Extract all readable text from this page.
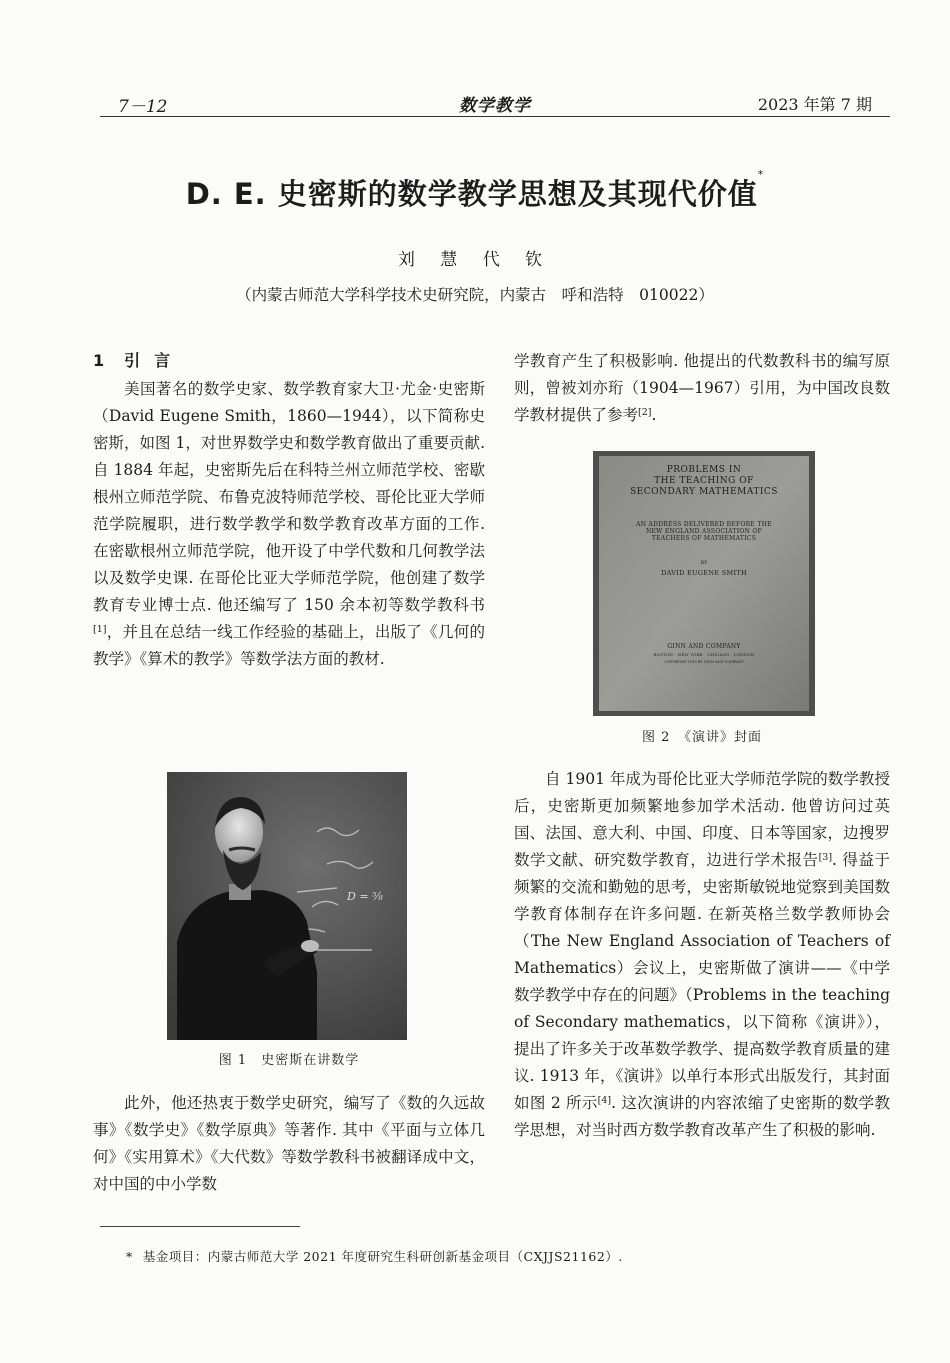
7－12	数学教学	2023 年第 7 期
D. E. 史密斯的数学教学思想及其现代价值*
刘 慧 代 钦
（内蒙古师范大学科学技术史研究院，内蒙古　呼和浩特　010022）
1 引言

美国著名的数学史家、数学教育家大卫·尤金·史密斯（David Eugene Smith，1860—1944），以下简称史密斯，如图 1，对世界数学史和数学教育做出了重要贡献. 自 1884 年起，史密斯先后在科特兰州立师范学校、密歇根州立师范学院、布鲁克波特师范学校、哥伦比亚大学师范学院履职，进行数学教学和数学教育改革方面的工作. 在密歇根州立师范学院，他开设了中学代数和几何教学法以及数学史课. 在哥伦比亚大学师范学院，他创建了数学教育专业博士点. 他还编写了 150 余本初等数学教科书[1]，并且在总结一线工作经验的基础上，出版了《几何的教学》《算术的教学》等数学法方面的教材.

D = ⅝
图 1　史密斯在讲数学

此外，他还热衷于数学史研究，编写了《数的久远故事》《数学史》《数学原典》等著作. 其中《平面与立体几何》《实用算术》《大代数》等数学教科书被翻译成中文，对中国的中小学数

学教育产生了积极影响. 他提出的代数教科书的编写原则，曾被刘亦珩（1904—1967）引用，为中国改良数学教材提供了参考[2].

PROBLEMS IN
THE TEACHING OF
SECONDARY MATHEMATICS
AN ADDRESS DELIVERED BEFORE THE
NEW ENGLAND ASSOCIATION OF
TEACHERS OF MATHEMATICS
BY
DAVID EUGENE SMITH
GINN AND COMPANY
BOSTON · NEW YORK · CHICAGO · LONDON
COPYRIGHT 1913 BY GINN AND COMPANY
图 2　《演讲》封面

自 1901 年成为哥伦比亚大学师范学院的数学教授后，史密斯更加频繁地参加学术活动. 他曾访问过英国、法国、意大利、中国、印度、日本等国家，边搜罗数学文献、研究数学教育，边进行学术报告[3]. 得益于频繁的交流和勤勉的思考，史密斯敏锐地觉察到美国数学教育体制存在许多问题. 在新英格兰数学教师协会（The New England Association of Teachers of Mathematics）会议上，史密斯做了演讲——《中学数学教学中存在的问题》（Problems in the teaching of Secondary mathematics，以下简称《演讲》），提出了许多关于改革数学教学、提高数学教育质量的建议. 1913 年，《演讲》以单行本形式出版发行，其封面如图 2 所示[4]. 这次演讲的内容浓缩了史密斯的数学教学思想，对当时西方数学教育改革产生了积极的影响.

* 基金项目：内蒙古师范大学 2021 年度研究生科研创新基金项目（CXJJS21162）.
